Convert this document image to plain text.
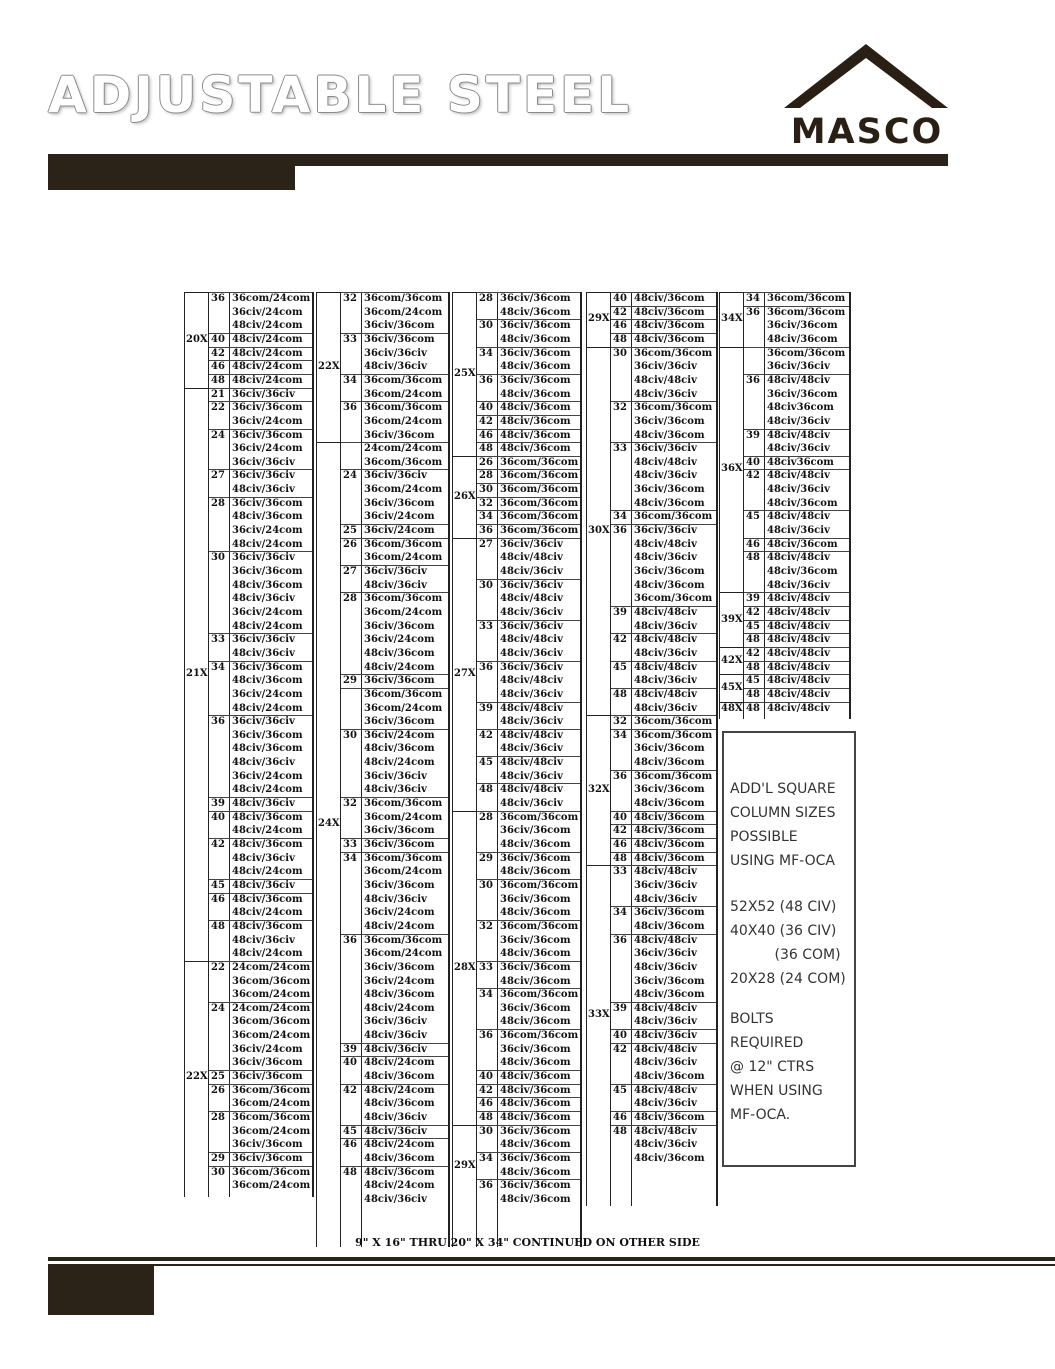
ADJUSTABLE STEEL
MASCO
20X
36 36com/24com
36civ/24com
48civ/24com
40 48civ/24com
42 48civ/24com
46 48civ/24com
48 48civ/24com
21X
21 36civ/36civ
22 36civ/36com
36civ/24com
24 36civ/36com
36civ/24com
36civ/36civ
27 36civ/36civ
48civ/36civ
28 36civ/36com
48civ/36com
36civ/24com
48civ/24com
30 36civ/36civ
36civ/36com
48civ/36com
48civ/36civ
36civ/24com
48civ/24com
33 36civ/36civ
48civ/36civ
34 36civ/36com
48civ/36com
36civ/24com
48civ/24com
36 36civ/36civ
36civ/36com
48civ/36com
48civ/36civ
36civ/24com
48civ/24com
39 48civ/36civ
40 48civ/36com
48civ/24com
42 48civ/36com
48civ/36civ
48civ/24com
45 48civ/36civ
46 48civ/36com
48civ/24com
48 48civ/36com
48civ/36civ
48civ/24com
22X
22 24com/24com
36com/36com
36com/24com
24 24com/24com
36com/36com
36com/24com
36civ/24com
36civ/36com
25 36civ/36com
26 36com/36com
36com/24com
28 36com/36com
36com/24com
36civ/36com
29 36civ/36com
30 36com/36com
36com/24com
22X
32 36com/36com
36com/24com
36civ/36com
33 36civ/36com
36civ/36civ
48civ/36civ
34 36com/36com
36com/24com
36 36com/36com
36com/24com
36civ/36com
24X
24com/24com
36com/36com
24 36civ/36civ
36com/24com
36civ/36com
36civ/24com
25 36civ/24com
26 36com/36com
36com/24com
27 36civ/36civ
48civ/36civ
28 36com/36com
36com/24com
36civ/36com
36civ/24com
48civ/36com
48civ/24com
29 36civ/36com
36com/36com
36com/24com
36civ/36com
30 36civ/24com
48civ/36com
48civ/24com
36civ/36civ
48civ/36civ
32 36com/36com
36com/24com
36civ/36com
33 36civ/36com
34 36com/36com
36com/24com
36civ/36com
48civ/36civ
36civ/24com
48civ/24com
36 36com/36com
36com/24com
36civ/36com
36civ/24com
48civ/36com
48civ/24com
36civ/36civ
48civ/36civ
39 48civ/36civ
40 48civ/24com
48civ/36com
42 48civ/24com
48civ/36com
48civ/36civ
45 48civ/36civ
46 48civ/24com
48civ/36com
48 48civ/36com
48civ/24com
48civ/36civ
25X
28 36civ/36com
48civ/36com
30 36civ/36com
48civ/36com
34 36civ/36com
48civ/36com
36 36civ/36com
48civ/36com
40 48civ/36com
42 48civ/36com
46 48civ/36com
48 48civ/36com
26X
26 36com/36com
28 36com/36com
30 36com/36com
32 36com/36com
34 36com/36com
36 36com/36com
27X
27 36civ/36civ
48civ/48civ
48civ/36civ
30 36civ/36civ
48civ/48civ
48civ/36civ
33 36civ/36civ
48civ/48civ
48civ/36civ
36 36civ/36civ
48civ/48civ
48civ/36civ
39 48civ/48civ
48civ/36civ
42 48civ/48civ
48civ/36civ
45 48civ/48civ
48civ/36civ
48 48civ/48civ
48civ/36civ
28X
28 36com/36com
36civ/36com
48civ/36com
29 36civ/36com
48civ/36com
30 36com/36com
36civ/36com
48civ/36com
32 36com/36com
36civ/36com
48civ/36com
33 36civ/36com
48civ/36com
34 36com/36com
36civ/36com
48civ/36com
36 36com/36com
36civ/36com
48civ/36com
40 48civ/36com
42 48civ/36com
46 48civ/36com
48 48civ/36com
29X
30 36civ/36com
48civ/36com
34 36civ/36com
48civ/36com
36 36civ/36com
48civ/36com
29X
40 48civ/36com
42 48civ/36com
46 48civ/36com
48 48civ/36com
30X
30 36com/36com
36civ/36civ
48civ/48civ
48civ/36civ
32 36com/36com
36civ/36com
48civ/36com
33 36civ/36civ
48civ/48civ
48civ/36civ
36civ/36com
48civ/36com
34 36com/36com
36 36civ/36civ
48civ/48civ
48civ/36civ
36civ/36com
48civ/36com
36com/36com
39 48civ/48civ
48civ/36civ
42 48civ/48civ
48civ/36civ
45 48civ/48civ
48civ/36civ
48 48civ/48civ
48civ/36civ
32X
32 36com/36com
34 36com/36com
36civ/36com
48civ/36com
36 36com/36com
36civ/36com
48civ/36com
40 48civ/36com
42 48civ/36com
46 48civ/36com
48 48civ/36com
33X
33 48civ/48civ
36civ/36civ
48civ/36civ
34 36civ/36com
48civ/36com
36 48civ/48civ
36civ/36civ
48civ/36civ
36civ/36com
48civ/36com
39 48civ/48civ
48civ/36civ
40 48civ/36civ
42 48civ/48civ
48civ/36civ
48civ/36com
45 48civ/48civ
48civ/36civ
46 48civ/36com
48 48civ/48civ
48civ/36civ
48civ/36com
34X
34 36com/36com
36 36com/36com
36civ/36com
48civ/36com
36X
36com/36com
36civ/36civ
36 48civ/48civ
36civ/36com
48civ36com
48civ/36civ
39 48civ/48civ
48civ/36civ
40 48civ36com
42 48civ/48civ
48civ/36civ
48civ/36com
45 48civ/48civ
48civ/36civ
46 48civ/36com
48 48civ/48civ
48civ/36com
48civ/36civ
39X
39 48civ/48civ
42 48civ/48civ
45 48civ/48civ
48 48civ/48civ
42X
42 48civ/48civ
48 48civ/48civ
45X
45 48civ/48civ
48 48civ/48civ
48X 48 48civ/48civ
ADD'L SQUARE
COLUMN SIZES
POSSIBLE
USING MF-OCA
52X52 (48 CIV)
40X40 (36 CIV)
(36 COM)
20X28 (24 COM)
BOLTS
REQUIRED
@ 12" CTRS
WHEN USING
MF-OCA.
9" X 16" THRU 20" X 34" CONTINUED ON OTHER SIDE
